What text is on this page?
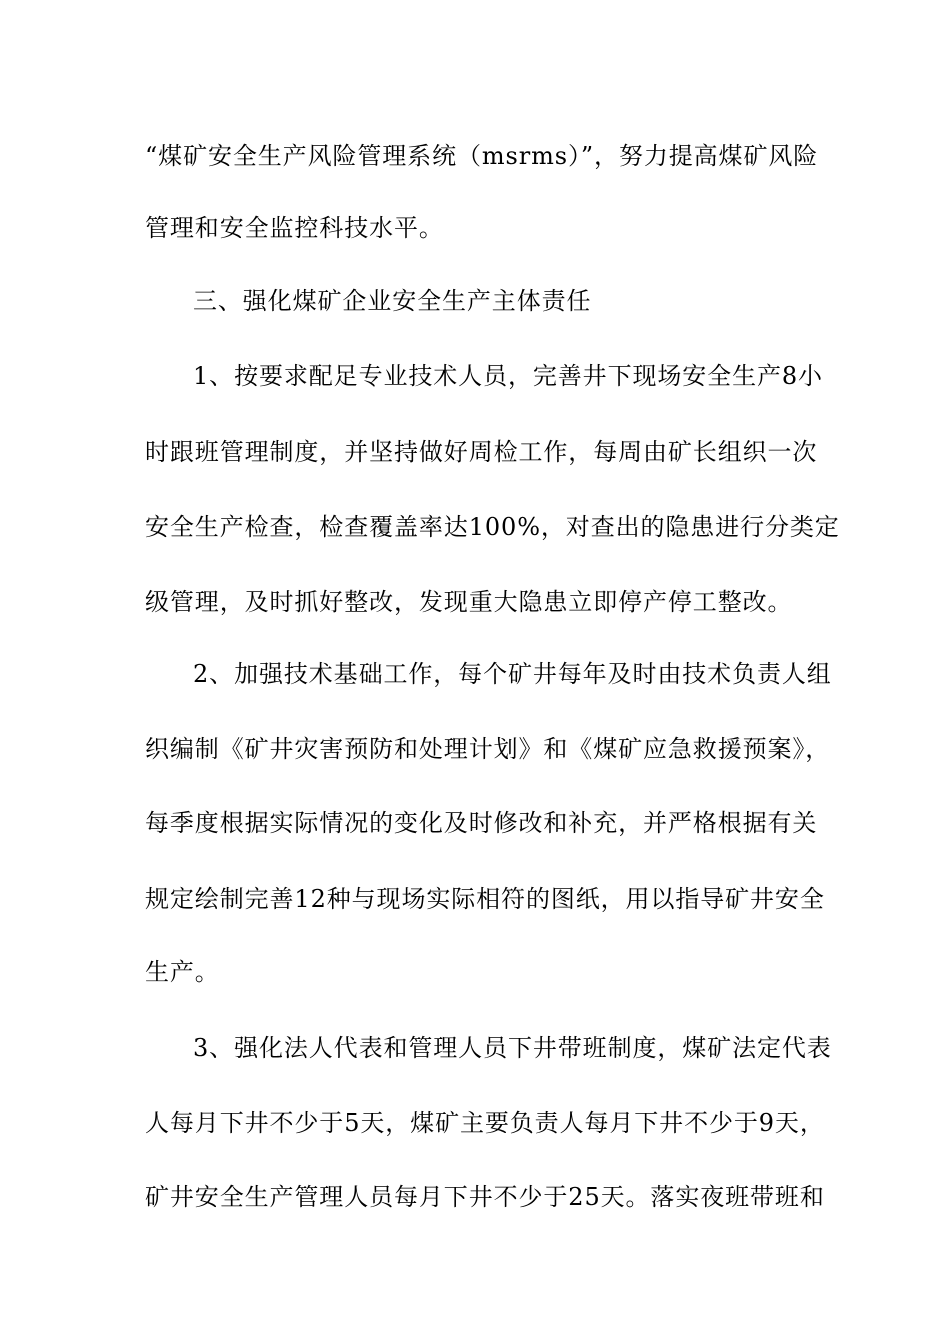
“煤矿安全生产风险管理系统（msrms）”，努力提高煤矿风险
管理和安全监控科技水平。
三、强化煤矿企业安全生产主体责任
1、按要求配足专业技术人员，完善井下现场安全生产8小
时跟班管理制度，并坚持做好周检工作，每周由矿长组织一次
安全生产检查，检查覆盖率达100%，对查出的隐患进行分类定
级管理，及时抓好整改，发现重大隐患立即停产停工整改。
2、加强技术基础工作，每个矿井每年及时由技术负责人组
织编制《矿井灾害预防和处理计划》和《煤矿应急救援预案》，
每季度根据实际情况的变化及时修改和补充，并严格根据有关
规定绘制完善12种与现场实际相符的图纸，用以指导矿井安全
生产。
3、强化法人代表和管理人员下井带班制度，煤矿法定代表
人每月下井不少于5天，煤矿主要负责人每月下井不少于9天，
矿井安全生产管理人员每月下井不少于25天。落实夜班带班和
